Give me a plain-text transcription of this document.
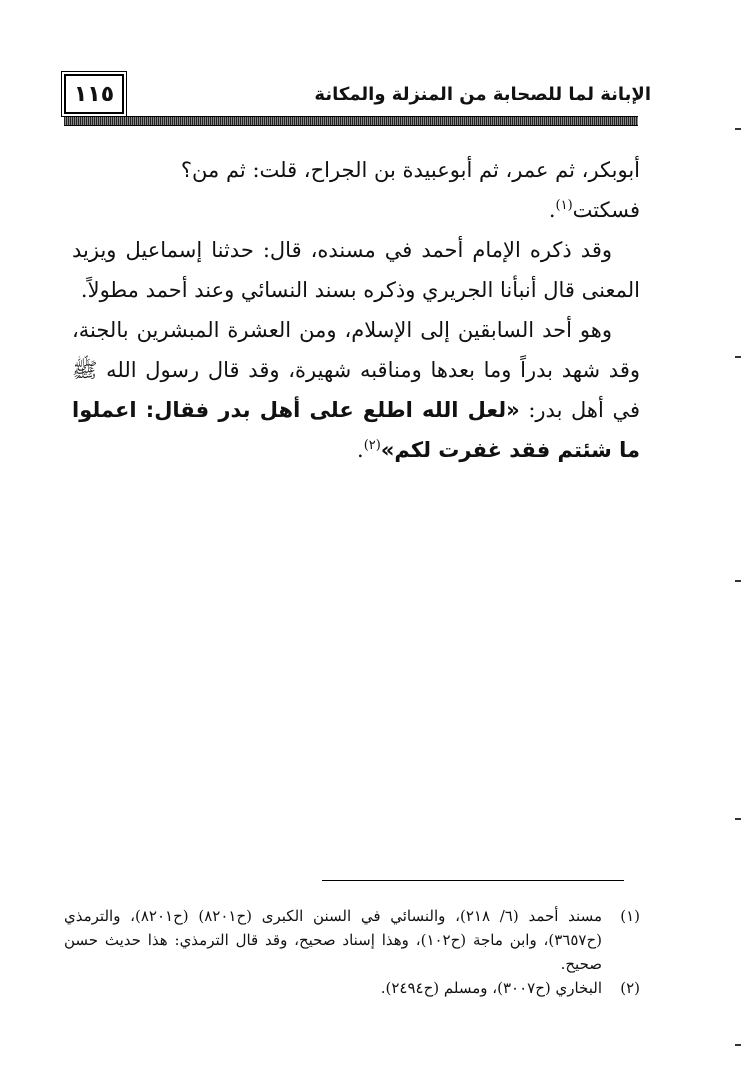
١١٥	الإبانة لما للصحابة من المنزلة والمكانة

أبوبكر، ثم عمر، ثم أبوعبيدة بن الجراح، قلت: ثم من؟
فسكتت$^{(١)}$.

وقد ذكره الإمام أحمد في مسنده، قال: حدثنا إسماعيل ويزيد المعنى قال أنبأنا الجريري وذكره بسند النسائي وعند أحمد مطولاً.

وهو أحد السابقين إلى الإسلام، ومن العشرة المبشرين بالجنة، وقد شهد بدراً وما بعدها ومناقبه شهيرة، وقد قال رسول الله ﷺ في أهل بدر: «لعل الله اطلع على أهل بدر فقال: اعملوا ما شئتم فقد غفرت لكم»$^{(٢)}$.

(١)
مسند أحمد (٦/ ٢١٨)، والنسائي في السنن الكبرى (ح٨٢٠١) (ح٨٢٠١)، والترمذي (ح٣٦٥٧)، وابن ماجة (ح١٠٢)، وهذا إسناد صحيح، وقد قال الترمذي: هذا حديث حسن صحيح.
(٢)
البخاري (ح٣٠٠٧)، ومسلم (ح٢٤٩٤).
